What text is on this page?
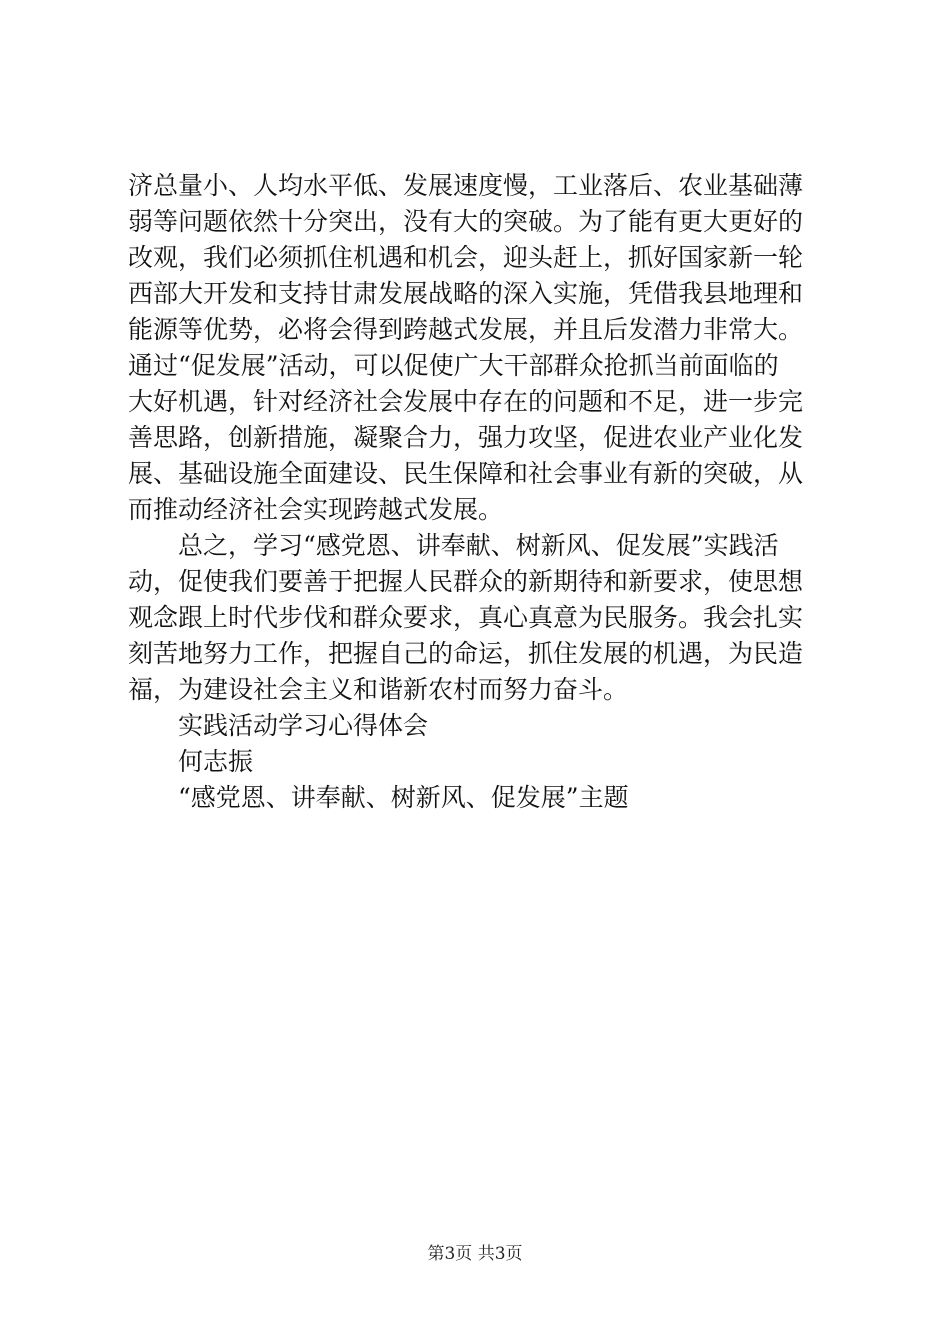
济总量小、人均水平低、发展速度慢，工业落后、农业基础薄
弱等问题依然十分突出，没有大的突破。为了能有更大更好的
改观，我们必须抓住机遇和机会，迎头赶上，抓好国家新一轮
西部大开发和支持甘肃发展战略的深入实施，凭借我县地理和
能源等优势，必将会得到跨越式发展，并且后发潜力非常大。
通过“促发展”活动，可以促使广大干部群众抢抓当前面临的
大好机遇，针对经济社会发展中存在的问题和不足，进一步完
善思路，创新措施，凝聚合力，强力攻坚，促进农业产业化发
展、基础设施全面建设、民生保障和社会事业有新的突破，从
而推动经济社会实现跨越式发展。
总之，学习“感党恩、讲奉献、树新风、促发展”实践活
动，促使我们要善于把握人民群众的新期待和新要求，使思想
观念跟上时代步伐和群众要求，真心真意为民服务。我会扎实
刻苦地努力工作，把握自己的命运，抓住发展的机遇，为民造
福，为建设社会主义和谐新农村而努力奋斗。
实践活动学习心得体会
何志振
“感党恩、讲奉献、树新风、促发展”主题
第3页 共3页
